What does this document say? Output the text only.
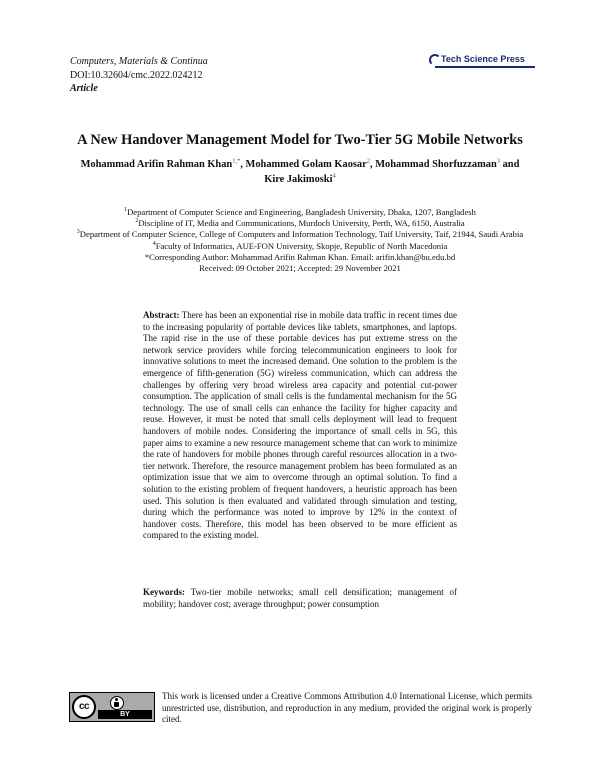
Computers, Materials & Continua
DOI:10.32604/cmc.2022.024212
Article
Tech Science Press
A New Handover Management Model for Two-Tier 5G Mobile Networks
Mohammad Arifin Rahman Khan$^{1,*}$, Mohammed Golam Kaosar$^2$, Mohammad Shorfuzzaman$^3$ and
Kire Jakimoski$^4$
$^1$Department of Computer Science and Engineering, Bangladesh University, Dhaka, 1207, Bangladesh
$^2$Discipline of IT, Media and Communications, Murdoch University, Perth, WA, 6150, Australia
$^3$Department of Computer Science, College of Computers and Information Technology, Taif University, Taif, 21944, Saudi Arabia
$^4$Faculty of Informatics, AUE-FON University, Skopje, Republic of North Macedonia
*Corresponding Author: Mohammad Arifin Rahman Khan. Email: arifin.khan@bu.edu.bd
Received: 09 October 2021; Accepted: 29 November 2021
Abstract: There has been an exponential rise in mobile data traffic in recent times due to the increasing popularity of portable devices like tablets, smartphones, and laptops. The rapid rise in the use of these portable devices has put extreme stress on the network service providers while forcing telecommunication engineers to look for innovative solutions to meet the increased demand. One solution to the problem is the emergence of fifth-generation (5G) wireless communication, which can address the challenges by offering very broad wireless area capacity and potential cut-power consumption. The application of small cells is the fundamental mechanism for the 5G technology. The use of small cells can enhance the facility for higher capacity and reuse. However, it must be noted that small cells deployment will lead to frequent handovers of mobile nodes. Considering the importance of small cells in 5G, this paper aims to examine a new resource management scheme that can work to minimize the rate of handovers for mobile phones through careful resources allocation in a two-tier network. Therefore, the resource management problem has been formulated as an optimization issue that we aim to overcome through an optimal solution. To find a solution to the existing problem of frequent handovers, a heuristic approach has been used. This solution is then evaluated and validated through simulation and testing, during which the performance was noted to improve by 12% in the context of handover costs. Therefore, this model has been observed to be more efficient as compared to the existing model.
Keywords: Two-tier mobile networks; small cell densification; management of mobility; handover cost; average throughput; power consumption
cc
BY
This work is licensed under a Creative Commons Attribution 4.0 International License, which permits unrestricted use, distribution, and reproduction in any medium, provided the original work is properly cited.
